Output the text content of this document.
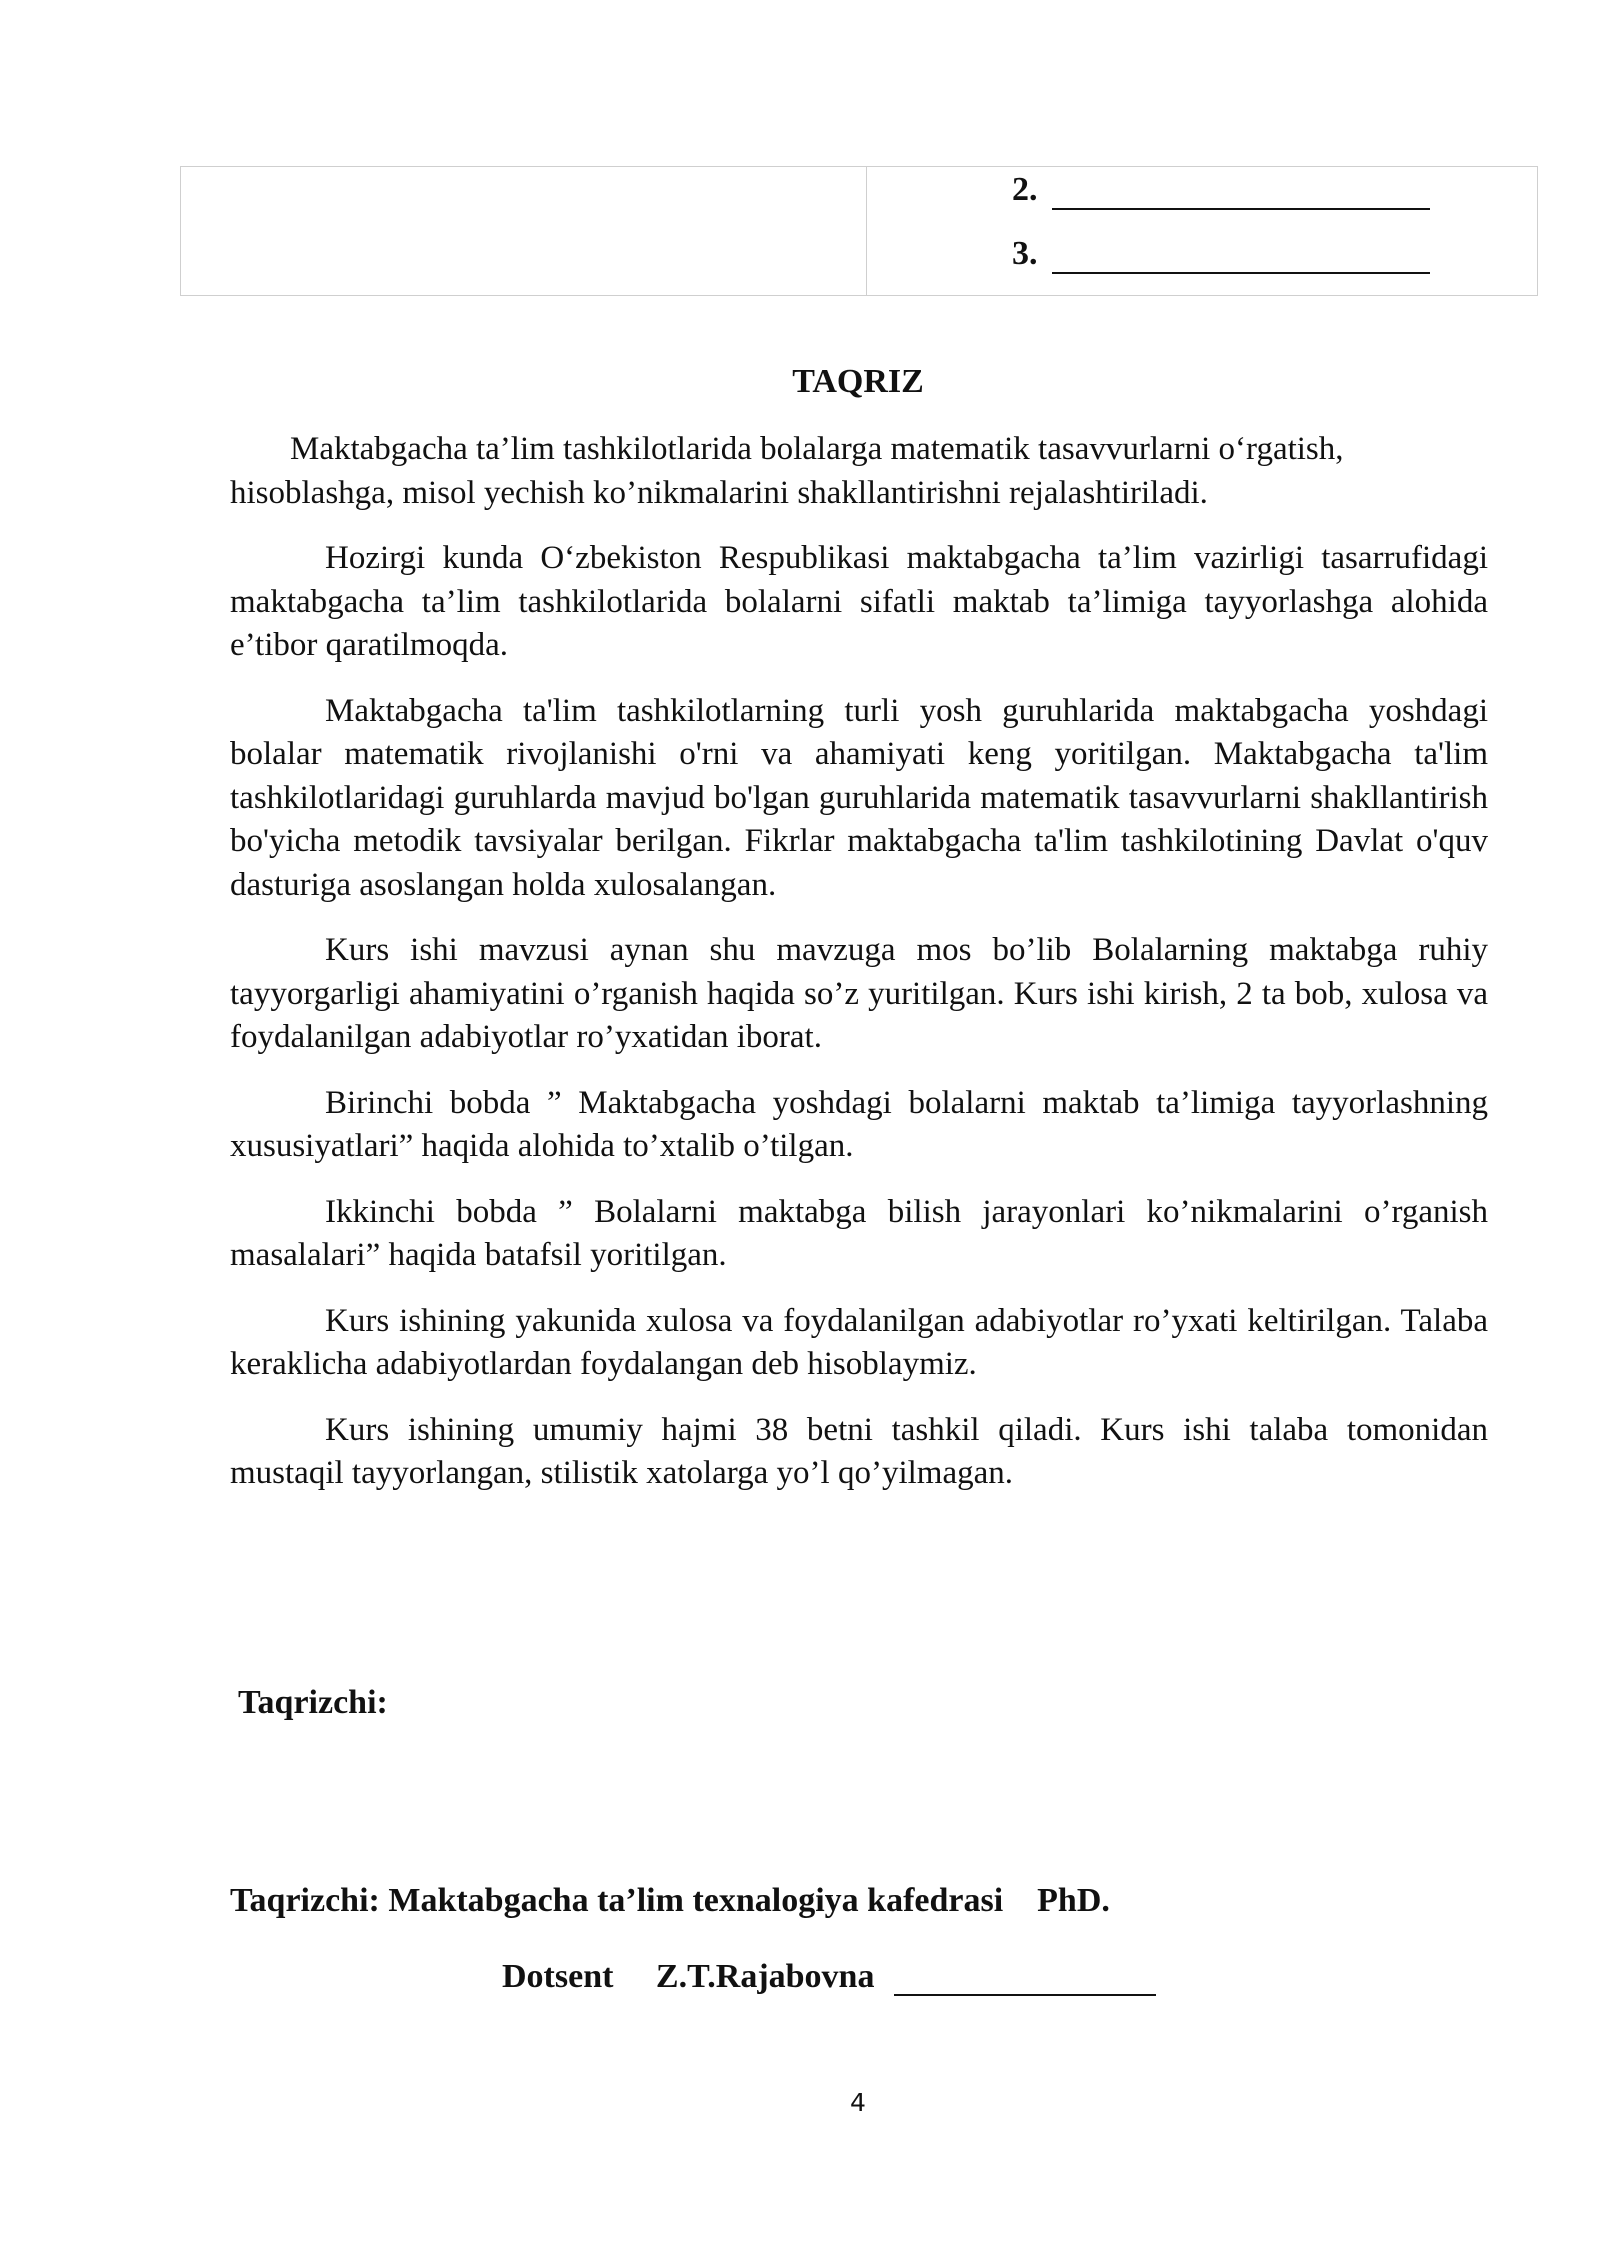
2.
3.
TAQRIZ

Maktabgacha ta’lim tashkilotlarida bolalarga matematik tasavvurlarni o‘rgatish, hisoblashga, misol yechish ko’nikmalarini shakllantirishni rejalashtiriladi.

Hozirgi kunda O‘zbekiston Respublikasi maktabgacha ta’lim vazirligi tasarrufidagi maktabgacha ta’lim tashkilotlarida bolalarni sifatli maktab ta’limiga tayyorlashga alohida e’tibor qaratilmoqda.

Maktabgacha ta'lim tashkilotlarning turli yosh guruhlarida maktabgacha yoshdagi bolalar matematik rivojlanishi o'rni va ahamiyati keng yoritilgan. Maktabgacha ta'lim tashkilotlaridagi guruhlarda mavjud bo'lgan guruhlarida matematik tasavvurlarni shakllantirish bo'yicha metodik tavsiyalar berilgan. Fikrlar maktabgacha ta'lim tashkilotining Davlat o'quv dasturiga asoslangan holda xulosalangan.

Kurs ishi mavzusi aynan shu mavzuga mos bo’lib Bolalarning maktabga ruhiy tayyorgarligi ahamiyatini o’rganish haqida so’z yuritilgan. Kurs ishi kirish, 2 ta bob, xulosa va foydalanilgan adabiyotlar ro’yxatidan iborat.

Birinchi bobda ” Maktabgacha yoshdagi bolalarni maktab ta’limiga tayyorlashning xususiyatlari” haqida alohida to’xtalib o’tilgan.

Ikkinchi bobda ” Bolalarni maktabga bilish jarayonlari ko’nikmalarini o’rganish masalalari” haqida batafsil yoritilgan.

Kurs ishining yakunida xulosa va foydalanilgan adabiyotlar ro’yxati keltirilgan. Talaba keraklicha adabiyotlardan foydalangan deb hisoblaymiz.

Kurs ishining umumiy hajmi 38 betni tashkil qiladi. Kurs ishi talaba tomonidan mustaqil tayyorlangan, stilistik xatolarga yo’l qo’yilmagan.

Taqrizchi:
Taqrizchi: Maktabgacha ta’lim texnalogiya kafedrasi    PhD.
Dotsent     Z.T.Rajabovna
4
